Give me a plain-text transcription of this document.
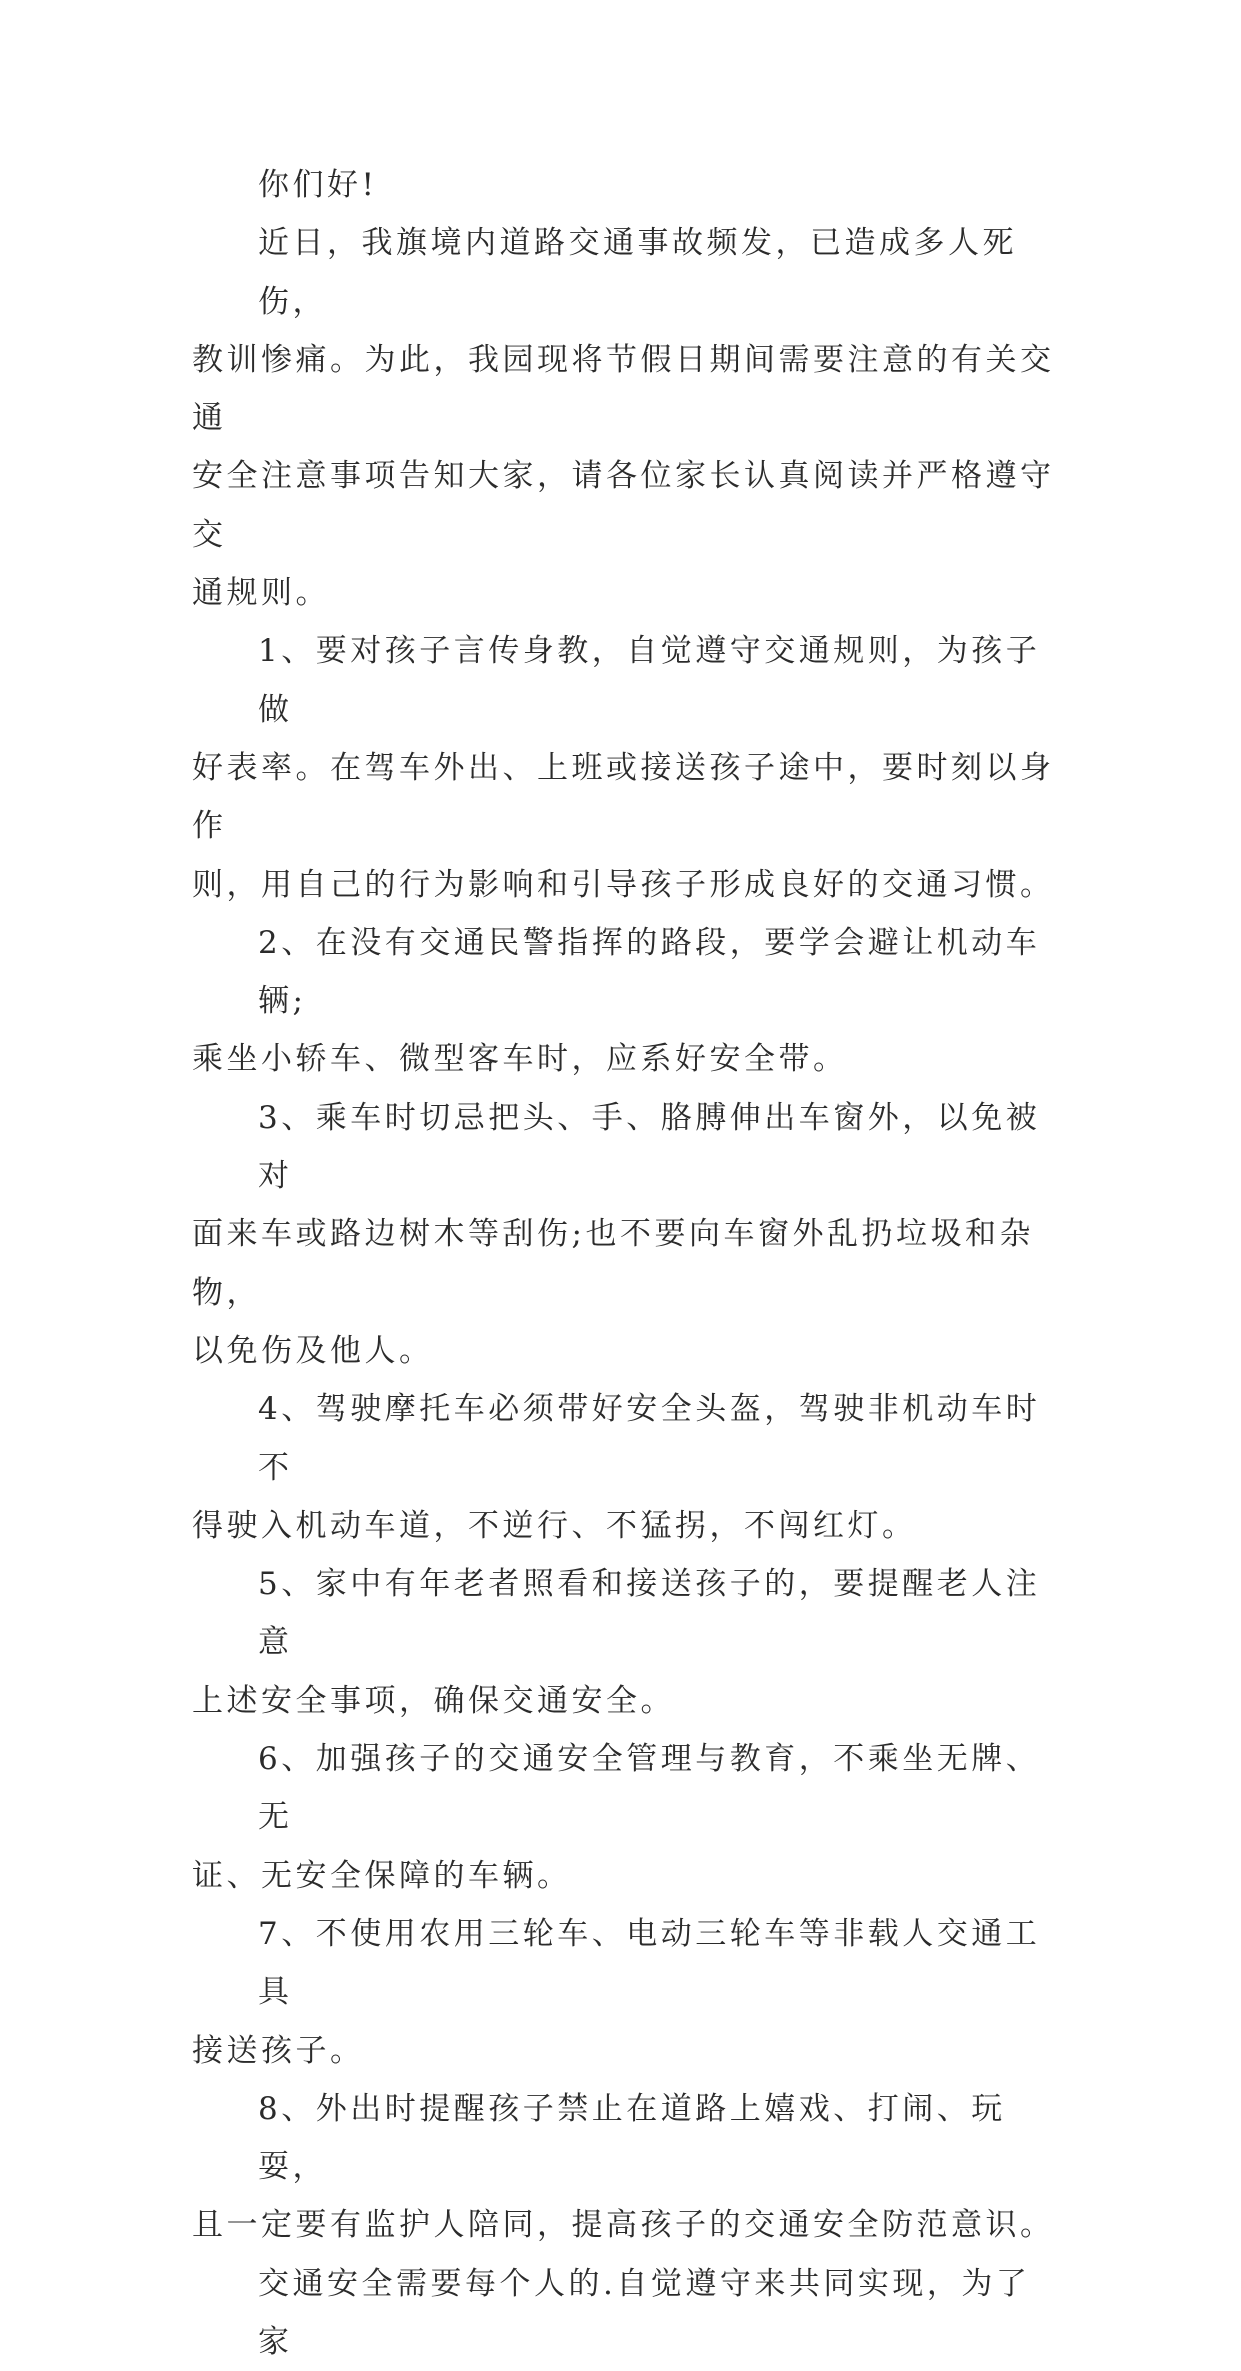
你们好!
近日，我旗境内道路交通事故频发，已造成多人死伤，
教训惨痛。为此，我园现将节假日期间需要注意的有关交通
安全注意事项告知大家，请各位家长认真阅读并严格遵守交
通规则。
1、要对孩子言传身教，自觉遵守交通规则，为孩子做
好表率。在驾车外出、上班或接送孩子途中，要时刻以身作
则，用自己的行为影响和引导孩子形成良好的交通习惯。
2、在没有交通民警指挥的路段，要学会避让机动车辆;
乘坐小轿车、微型客车时，应系好安全带。
3、乘车时切忌把头、手、胳膊伸出车窗外，以免被对
面来车或路边树木等刮伤;也不要向车窗外乱扔垃圾和杂物，
以免伤及他人。
4、驾驶摩托车必须带好安全头盔，驾驶非机动车时不
得驶入机动车道，不逆行、不猛拐，不闯红灯。
5、家中有年老者照看和接送孩子的，要提醒老人注意
上述安全事项，确保交通安全。
6、加强孩子的交通安全管理与教育，不乘坐无牌、无
证、无安全保障的车辆。
7、不使用农用三轮车、电动三轮车等非载人交通工具
接送孩子。
8、外出时提醒孩子禁止在道路上嬉戏、打闹、玩耍，
且一定要有监护人陪同，提高孩子的交通安全防范意识。
交通安全需要每个人的.自觉遵守来共同实现，为了家
